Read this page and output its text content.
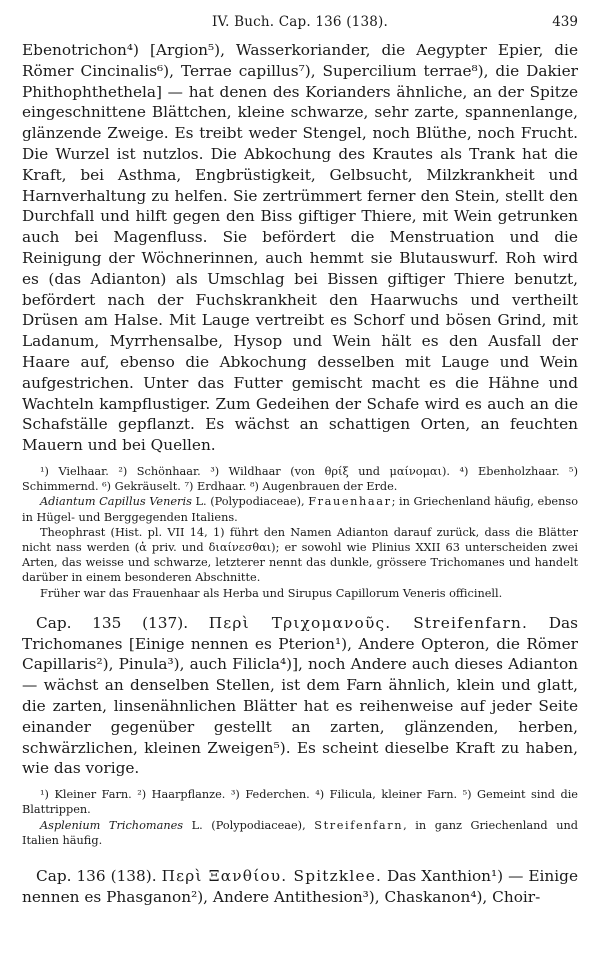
IV. Buch. Cap. 136 (138).	439

Ebenotrichon⁴) [Argion⁵), Wasserkoriander, die Aegypter Epier, die Römer Cincinalis⁶), Terrae capillus⁷), Supercilium terrae⁸), die Dakier Phithophthethela] — hat denen des Korianders ähnliche, an der Spitze eingeschnittene Blättchen, kleine schwarze, sehr zarte, spannenlange, glänzende Zweige. Es treibt weder Stengel, noch Blüthe, noch Frucht. Die Wurzel ist nutzlos. Die Abkochung des Krautes als Trank hat die Kraft, bei Asthma, Engbrüstigkeit, Gelbsucht, Milzkrankheit und Harnverhaltung zu helfen. Sie zertrümmert ferner den Stein, stellt den Durchfall und hilft gegen den Biss giftiger Thiere, mit Wein getrunken auch bei Magenfluss. Sie befördert die Menstruation und die Reinigung der Wöchnerinnen, auch hemmt sie Blutauswurf. Roh wird es (das Adianton) als Umschlag bei Bissen giftiger Thiere benutzt, befördert nach der Fuchskrankheit den Haarwuchs und vertheilt Drüsen am Halse. Mit Lauge vertreibt es Schorf und bösen Grind, mit Ladanum, Myrrhensalbe, Hysop und Wein hält es den Ausfall der Haare auf, ebenso die Abkochung desselben mit Lauge und Wein aufgestrichen. Unter das Futter gemischt macht es die Hähne und Wachteln kampflustiger. Zum Gedeihen der Schafe wird es auch an die Schafställe gepflanzt. Es wächst an schattigen Orten, an feuchten Mauern und bei Quellen.

¹) Vielhaar. ²) Schönhaar. ³) Wildhaar (von θρίξ und μαίνομαι). ⁴) Ebenholzhaar. ⁵) Schimmernd. ⁶) Gekräuselt. ⁷) Erdhaar. ⁸) Augenbrauen der Erde.

Adiantum Capillus Veneris L. (Polypodiaceae), Frauenhaar; in Griechenland häufig, ebenso in Hügel- und Berggegenden Italiens.

Theophrast (Hist. pl. VII 14, 1) führt den Namen Adianton darauf zurück, dass die Blätter nicht nass werden (ἀ priv. und διαίνεσθαι); er sowohl wie Plinius XXII 63 unterscheiden zwei Arten, das weisse und schwarze, letzterer nennt das dunkle, grössere Trichomanes und handelt darüber in einem besonderen Abschnitte.

Früher war das Frauenhaar als Herba und Sirupus Capillorum Veneris officinell.

Cap. 135 (137). Περὶ Τριχομανοῦς. Streifenfarn. Das Trichomanes [Einige nennen es Pterion¹), Andere Opteron, die Römer Capillaris²), Pinula³), auch Filicla⁴)], noch Andere auch dieses Adianton — wächst an denselben Stellen, ist dem Farn ähnlich, klein und glatt, die zarten, linsenähnlichen Blätter hat es reihenweise auf jeder Seite einander gegenüber gestellt an zarten, glänzenden, herben, schwärzlichen, kleinen Zweigen⁵). Es scheint dieselbe Kraft zu haben, wie das vorige.

¹) Kleiner Farn. ²) Haarpflanze. ³) Federchen. ⁴) Filicula, kleiner Farn. ⁵) Gemeint sind die Blattrippen.

Asplenium Trichomanes L. (Polypodiaceae), Streifenfarn, in ganz Griechenland und Italien häufig.

Cap. 136 (138). Περὶ Ξανθίου. Spitzklee. Das Xanthion¹) — Einige nennen es Phasganon²), Andere Antithesion³), Chaskanon⁴), Choir-
